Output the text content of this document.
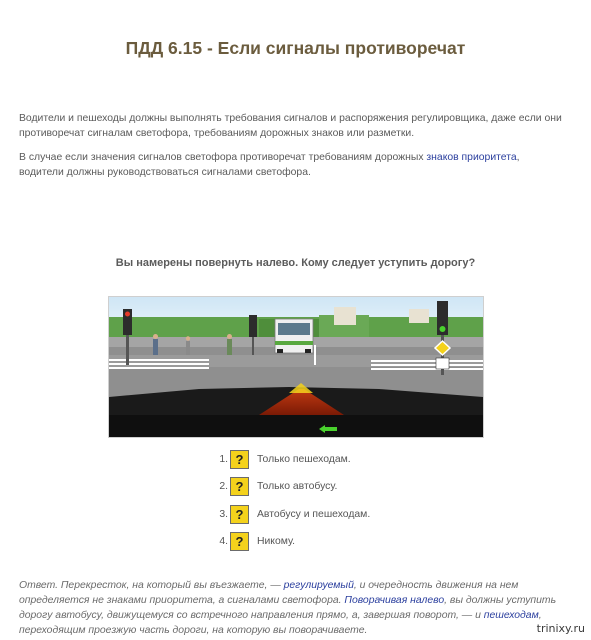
ПДД 6.15 - Если сигналы противоречат
Водители и пешеходы должны выполнять требования сигналов и распоряжения регулировщика, даже если они противоречат сигналам светофора, требованиям дорожных знаков или разметки.
В случае если значения сигналов светофора противоречат требованиям дорожных знаков приоритета, водители должны руководствоваться сигналами светофора.
Вы намерены повернуть налево. Кому следует уступить дорогу?
1. ?	Только пешеходам.
2. ?	Только автобусу.
3. ?	Автобусу и пешеходам.
4. ?	Никому.
Ответ. Перекресток, на который вы въезжаете, — регулируемый, и очередность движения на нем определяется не знаками приоритета, а сигналами светофора. Поворачивая налево, вы должны уступить дорогу автобусу, движущемуся со встречного направления прямо, а, завершая поворот, — и пешеходам, переходящим проезжую часть дороги, на которую вы поворачиваете.	trinixy.ru
